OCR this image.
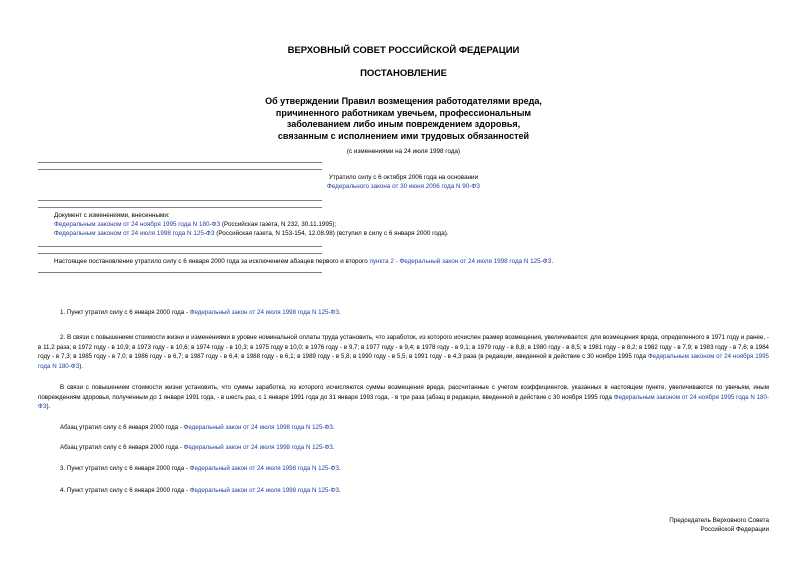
ВЕРХОВНЫЙ СОВЕТ РОССИЙСКОЙ ФЕДЕРАЦИИ
ПОСТАНОВЛЕНИЕ
Об утверждении Правил возмещения работодателями вреда,
причиненного работникам увечьем, профессиональным
заболеванием либо иным повреждением здоровья,
связанным с исполнением ими трудовых обязанностей
(с изменениями на 24 июля 1998 года)
Утратило силу с 6 октября 2006 года на основании
Федерального закона от 30 июня 2006 года N 90-ФЗ
Документ с изменениями, внесенными:
Федеральным законом от 24 ноября 1995 года N 180-ФЗ (Российская газета, N 232, 30.11.1995);
Федеральным законом от 24 июля 1998 года N 125-ФЗ (Российская газета, N 153-154, 12.08.98) (вступил в силу с 6 января 2000 года).
Настоящее постановление утратило силу с 6 января 2000 года за исключением абзацев первого и второго пункта 2 - Федеральный закон от 24 июля 1998 года N 125-ФЗ.
1. Пункт утратил силу с 6 января 2000 года - Федеральный закон от 24 июля 1998 года N 125-ФЗ.
2. В связи с повышением стоимости жизни и изменениями в уровне номинальной оплаты труда установить, что заработок, из которого исчислен размер возмещения, увеличивается: для возмещения вреда, определенного в 1971 году и ранее, - в 11,2 раза; в 1972 году - в 10,9; в 1973 году - в 10,6; в 1974 году - в 10,3; в 1975 году в 10,0; в 1976 году - в 9,7; в 1977 году - в 9,4; в 1978 году - в 9,1; в 1979 году - в 8,8; в 1980 году - в 8,5; в 1981 году - в 8,2; в 1982 году - в 7,9; в 1983 году - в 7,6; в 1984 году - в 7,3; в 1985 году - в 7,0; в 1986 году - в 6,7; в 1987 году - в 6,4; в 1988 году - в 6,1; в 1989 году - в 5,8; в 1990 году - в 5,5; в 1991 году - в 4,3 раза (в редакции, введенной в действие с 30 ноября 1995 года Федеральным законом от 24 ноября 1995 года N 180-ФЗ).
В связи с повышением стоимости жизни установить, что суммы заработка, из которого исчисляются суммы возмещения вреда, рассчитанные с учетом коэффициентов, указанных в настоящем пункте, увеличиваются по увечьям, иным повреждениям здоровья, полученным до 1 января 1991 года, - в шесть раз, с 1 января 1991 года до 31 января 1993 года, - в три раза (абзац в редакции, введенной в действие с 30 ноября 1995 года Федеральным законом от 24 ноября 1995 года N 180-ФЗ).
Абзац утратил силу с 6 января 2000 года - Федеральный закон от 24 июля 1998 года N 125-ФЗ.
Абзац утратил силу с 6 января 2000 года - Федеральный закон от 24 июля 1998 года N 125-ФЗ.
3. Пункт утратил силу с 6 января 2000 года - Федеральный закон от 24 июля 1998 года N 125-ФЗ.
4. Пункт утратил силу с 6 января 2000 года - Федеральный закон от 24 июля 1998 года N 125-ФЗ.
Председатель Верховного Совета
Российской Федерации
